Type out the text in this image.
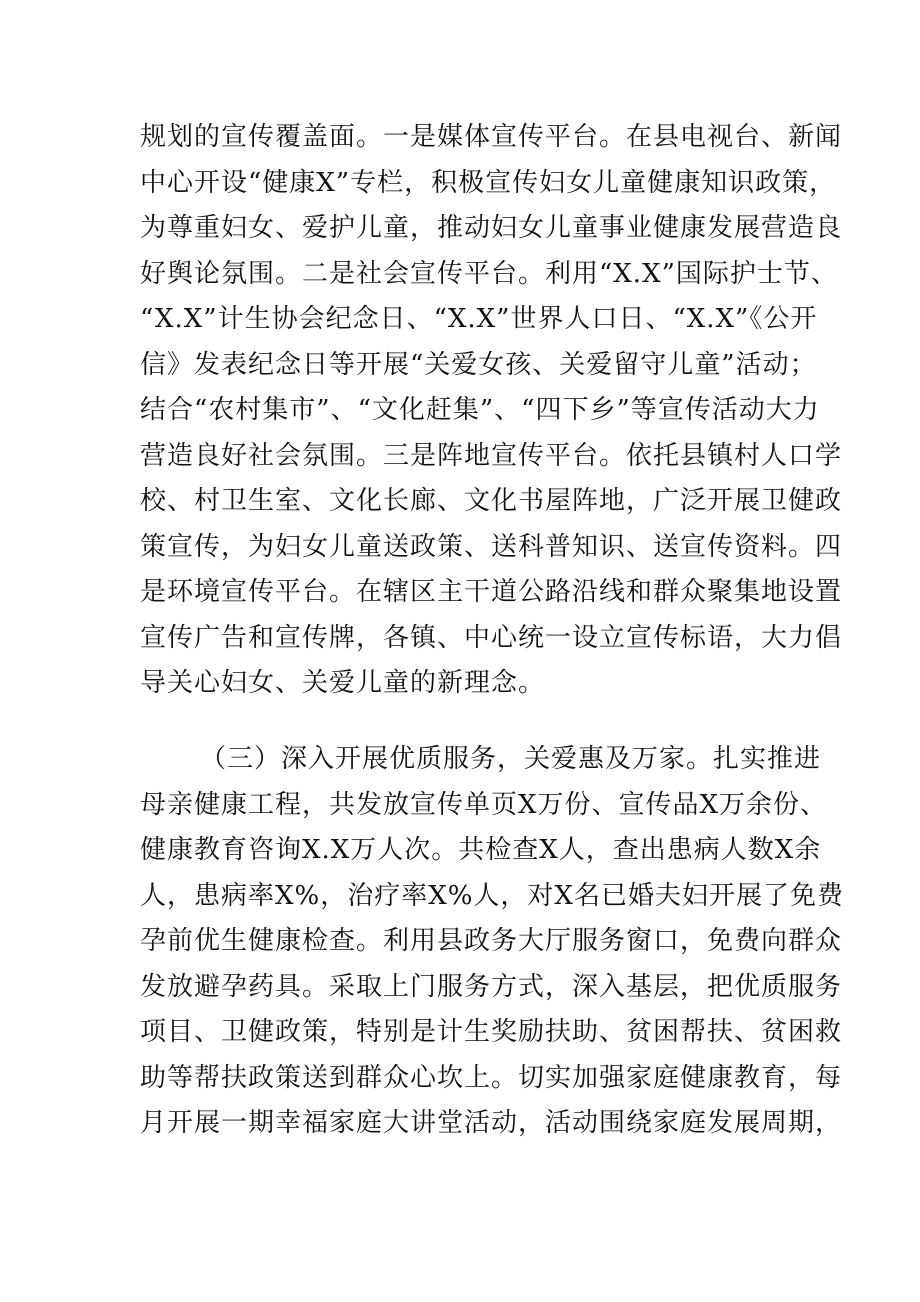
规划的宣传覆盖面。一是媒体宣传平台。在县电视台、新闻
中心开设“健康X”专栏，积极宣传妇女儿童健康知识政策，
为尊重妇女、爱护儿童，推动妇女儿童事业健康发展营造良
好舆论氛围。二是社会宣传平台。利用“X.X”国际护士节、
“X.X”计生协会纪念日、“X.X”世界人口日、“X.X”《公开
信》发表纪念日等开展“关爱女孩、关爱留守儿童”活动；
结合“农村集市”、“文化赶集”、“四下乡”等宣传活动大力
营造良好社会氛围。三是阵地宣传平台。依托县镇村人口学
校、村卫生室、文化长廊、文化书屋阵地，广泛开展卫健政
策宣传，为妇女儿童送政策、送科普知识、送宣传资料。四
是环境宣传平台。在辖区主干道公路沿线和群众聚集地设置
宣传广告和宣传牌，各镇、中心统一设立宣传标语，大力倡
导关心妇女、关爱儿童的新理念。
（三）深入开展优质服务，关爱惠及万家。扎实推进
母亲健康工程，共发放宣传单页X万份、宣传品X万余份、
健康教育咨询X.X万人次。共检查X人，查出患病人数X余
人，患病率X%，治疗率X%人，对X名已婚夫妇开展了免费
孕前优生健康检查。利用县政务大厅服务窗口，免费向群众
发放避孕药具。采取上门服务方式，深入基层，把优质服务
项目、卫健政策，特别是计生奖励扶助、贫困帮扶、贫困救
助等帮扶政策送到群众心坎上。切实加强家庭健康教育，每
月开展一期幸福家庭大讲堂活动，活动围绕家庭发展周期，
